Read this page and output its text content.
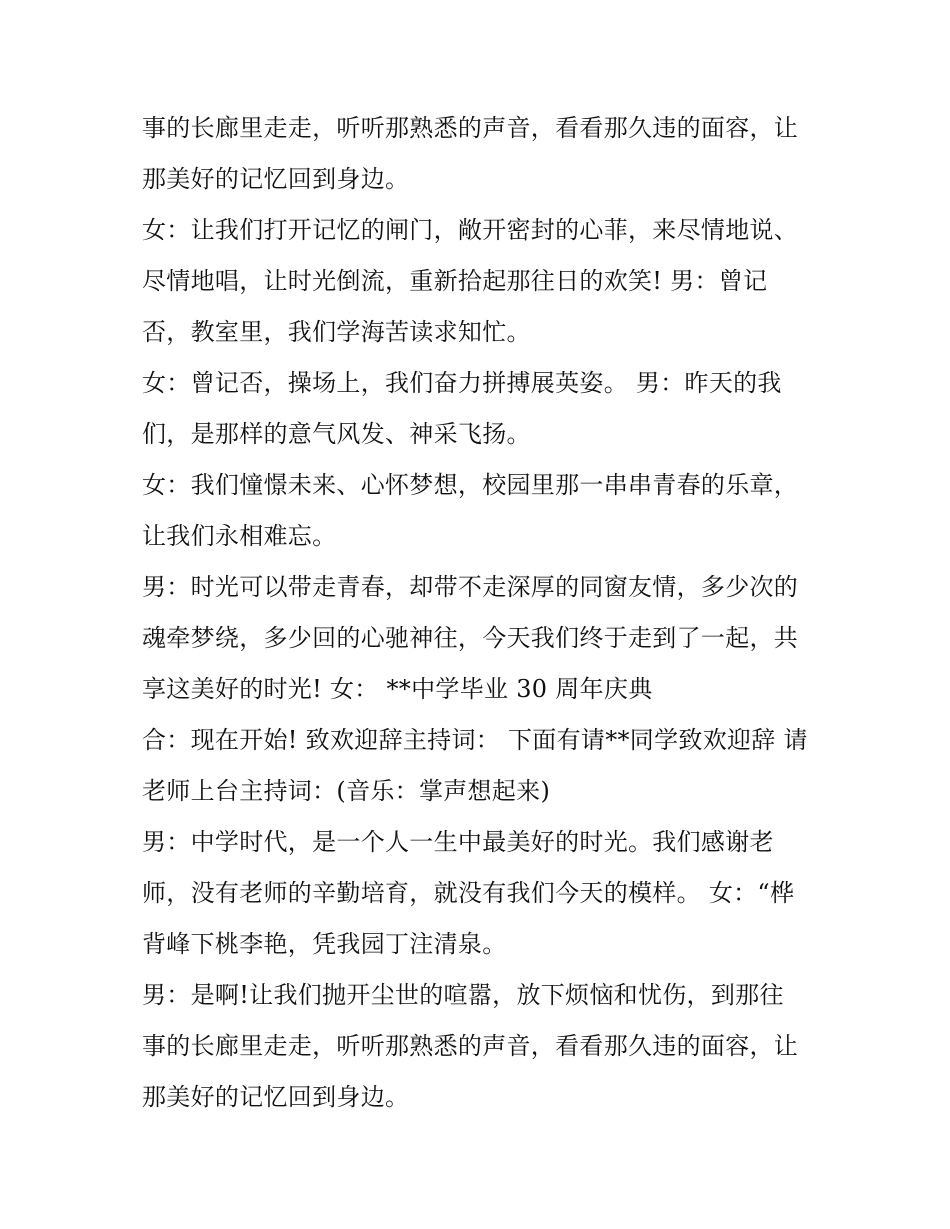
事的长廊里走走，听听那熟悉的声音，看看那久违的面容，让
那美好的记忆回到身边。
女：让我们打开记忆的闸门，敞开密封的心菲，来尽情地说、
尽情地唱，让时光倒流，重新拾起那往日的欢笑! 男：曾记
否，教室里，我们学海苦读求知忙。
女：曾记否，操场上，我们奋力拼搏展英姿。 男：昨天的我
们，是那样的意气风发、神采飞扬。
女：我们憧憬未来、心怀梦想，校园里那一串串青春的乐章，
让我们永相难忘。
男：时光可以带走青春，却带不走深厚的同窗友情，多少次的
魂牵梦绕，多少回的心驰神往，今天我们终于走到了一起，共
享这美好的时光! 女： **中学毕业 30 周年庆典
合：现在开始! 致欢迎辞主持词： 下面有请**同学致欢迎辞 请
老师上台主持词：(音乐：掌声想起来)
男：中学时代，是一个人一生中最美好的时光。我们感谢老
师，没有老师的辛勤培育，就没有我们今天的模样。 女：“桦
背峰下桃李艳，凭我园丁注清泉。
男：是啊!让我们抛开尘世的喧嚣，放下烦恼和忧伤，到那往
事的长廊里走走，听听那熟悉的声音，看看那久违的面容，让
那美好的记忆回到身边。
